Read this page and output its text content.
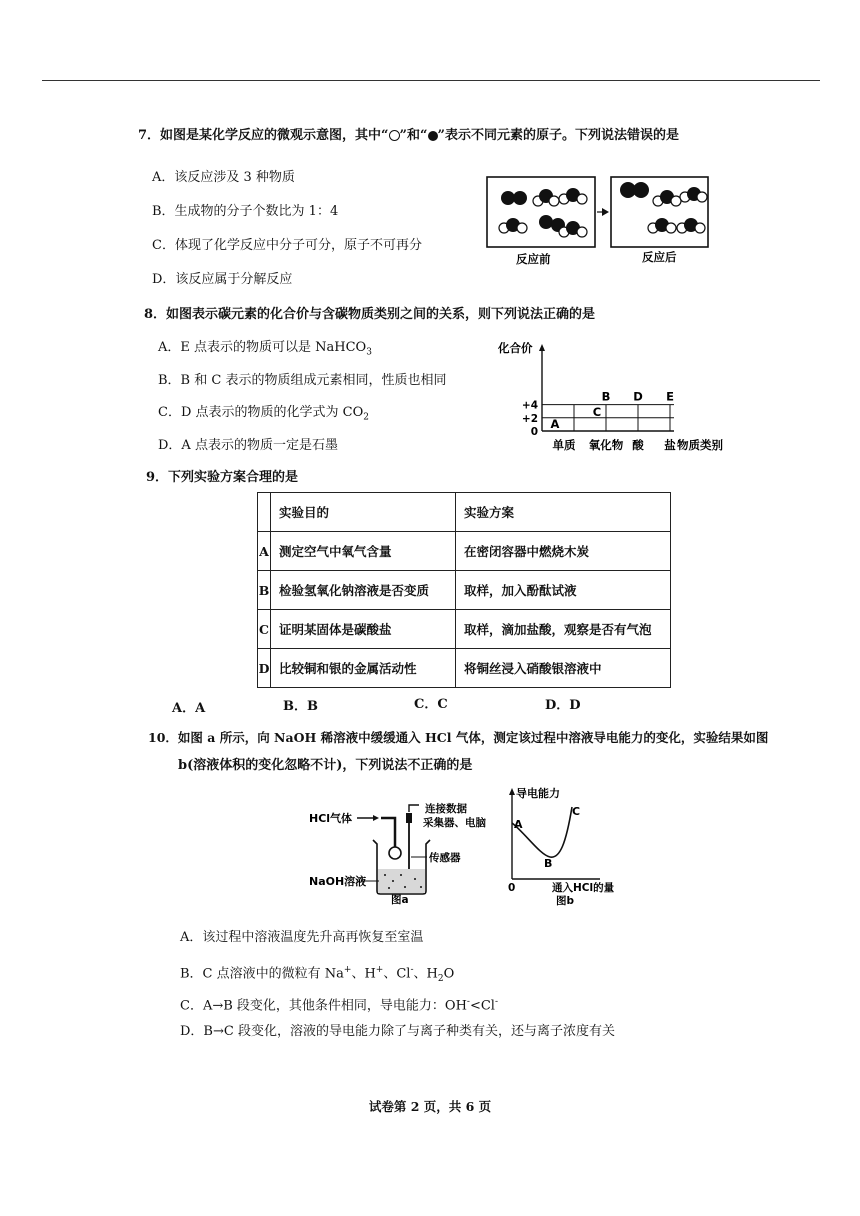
7．如图是某化学反应的微观示意图，其中“ ”和“ ”表示不同元素的原子。下列说法错误的是
A．该反应涉及 3 种物质
B．生成物的分子个数比为 1：4
C．体现了化学反应中分子可分，原子不可再分
D．该反应属于分解反应
反应前	反应后
8．如图表示碳元素的化合价与含碳物质类别之间的关系，则下列说法正确的是
A．E 点表示的物质可以是 NaHCO$_3$
B．B 和 C 表示的物质组成元素相同，性质也相同
C．D 点表示的物质的化学式为 $CO_2$
D．A 点表示的物质一定是石墨
化合价
物质类别
+4
+2
0
单质 氧化物 酸 盐
A
B
C
D E
9．下列实验方案合理的是
	实验目的	实验方案
A	测定空气中氧气含量	在密闭容器中燃烧木炭
B	检验氢氧化钠溶液是否变质	取样，加入酚酞试液
C	证明某固体是碳酸盐	取样，滴加盐酸，观察是否有气泡
D	比较铜和银的金属活动性	将铜丝浸入硝酸银溶液中
A．A	B．B	C．C	D．D
10．如图 a 所示，向 NaOH 稀溶液中缓缓通入 HCl 气体，测定该过程中溶液导电能力的变化，实验结果如图
b(溶液体积的变化忽略不计)，下列说法不正确的是
HCl气体
连接数据
采集器、电脑
传感器
NaOH溶液
图a
导电能力
0	通入HCl的量
图b
A
B
C
A．该过程中溶液温度先升高再恢复至室温
B．C 点溶液中的微粒有 Na+、H+、Cl-、$H_2O$
C．A→B 段变化，其他条件相同，导电能力：OH-<Cl-
D．B→C 段变化，溶液的导电能力除了与离子种类有关，还与离子浓度有关
试卷第 2 页，共 6 页
